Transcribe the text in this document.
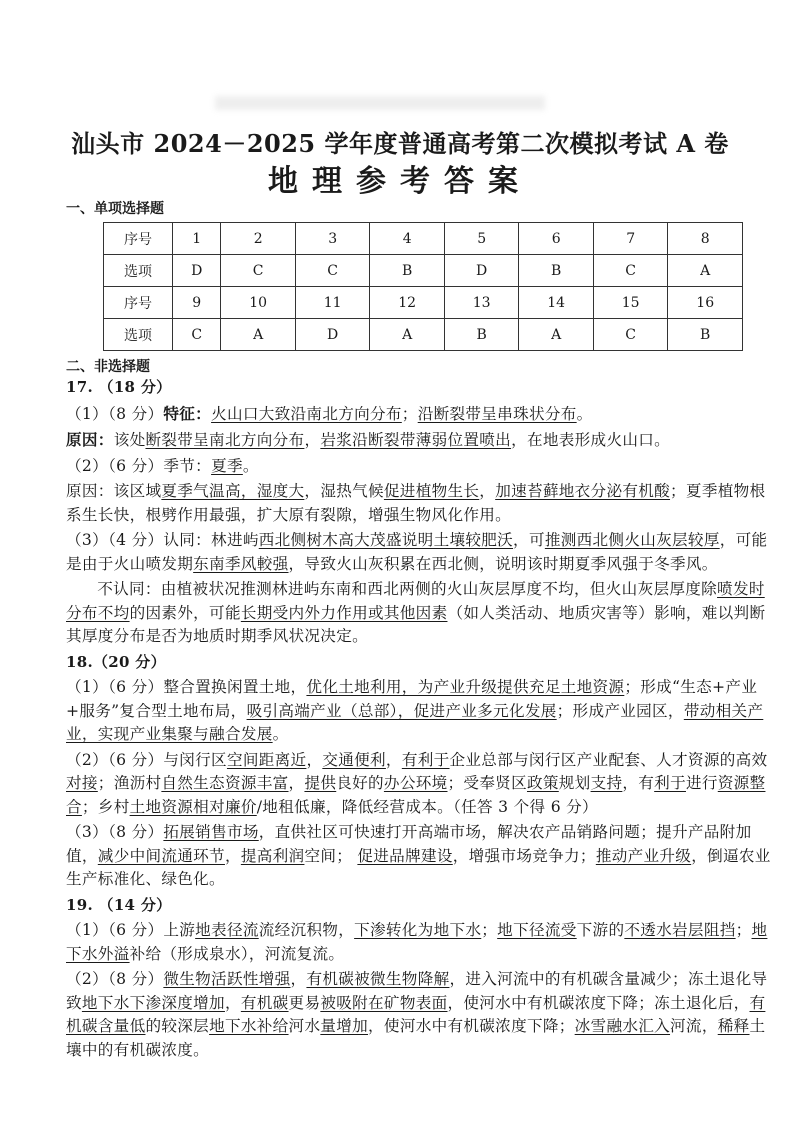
汕头市 2024－2025 学年度普通高考第二次模拟考试 A 卷
地理参考答案
一、单项选择题
序号	1	2	3	4	5	6	7	8
选项	D	C	C	B	D	B	C	A
序号	9	10	11	12	13	14	15	16
选项	C	A	D	A	B	A	C	B
二、非选择题

17. （18 分）

（1）（8 分）特征：火山口大致沿南北方向分布；沿断裂带呈串珠状分布。

原因：该处断裂带呈南北方向分布，岩浆沿断裂带薄弱位置喷出，在地表形成火山口。

（2）（6 分）季节：夏季。

原因：该区域夏季气温高，湿度大，湿热气候促进植物生长，加速苔藓地衣分泌有机酸；夏季植物根系生长快，根劈作用最强，扩大原有裂隙，增强生物风化作用。

（3）（4 分）认同：林进屿西北侧树木高大茂盛说明土壤较肥沃，可推测西北侧火山灰层较厚，可能是由于火山喷发期东南季风較强，导致火山灰积累在西北侧，说明该时期夏季风强于冬季风。

不认同：由植被状况推测林进屿东南和西北两侧的火山灰层厚度不均，但火山灰层厚度除喷发时分布不均的因素外，可能长期受内外力作用或其他因素（如人类活动、地质灾害等）影响，难以判断其厚度分布是否为地质时期季风状况决定。

18.（20 分）

（1）（6 分）整合置换闲置土地，优化土地利用，为产业升级提供充足土地资源；形成“生态+产业+服务”复合型土地布局，吸引高端产业（总部），促进产业多元化发展；形成产业园区，带动相关产业，实现产业集聚与融合发展。

（2）（6 分）与闵行区空间距离近，交通便利，有利于企业总部与闵行区产业配套、人才资源的高效对接；渔沥村自然生态资源丰富，提供良好的办公环境；受奉贤区政策规划支持，有利于进行资源整合；乡村土地资源相对廉价/地租低廉，降低经营成本。（任答 3 个得 6 分）

（3）（8 分）拓展销售市场，直供社区可快速打开高端市场，解决农产品销路问题；提升产品附加值，减少中间流通环节，提高利润空间； 促进品牌建设，增强市场竞争力；推动产业升级，倒逼农业生产标准化、绿色化。

19. （14 分）

（1）（6 分）上游地表径流流经沉积物，下渗转化为地下水；地下径流受下游的不透水岩层阻挡；地下水外溢补给（形成泉水），河流复流。

（2）（8 分）微生物活跃性增强，有机碳被微生物降解，进入河流中的有机碳含量减少；冻土退化导致地下水下渗深度增加，有机碳更易被吸附在矿物表面，使河水中有机碳浓度下降；冻土退化后，有机碳含量低的较深层地下水补给河水量增加，使河水中有机碳浓度下降；冰雪融水汇入河流，稀释土壤中的有机碳浓度。
